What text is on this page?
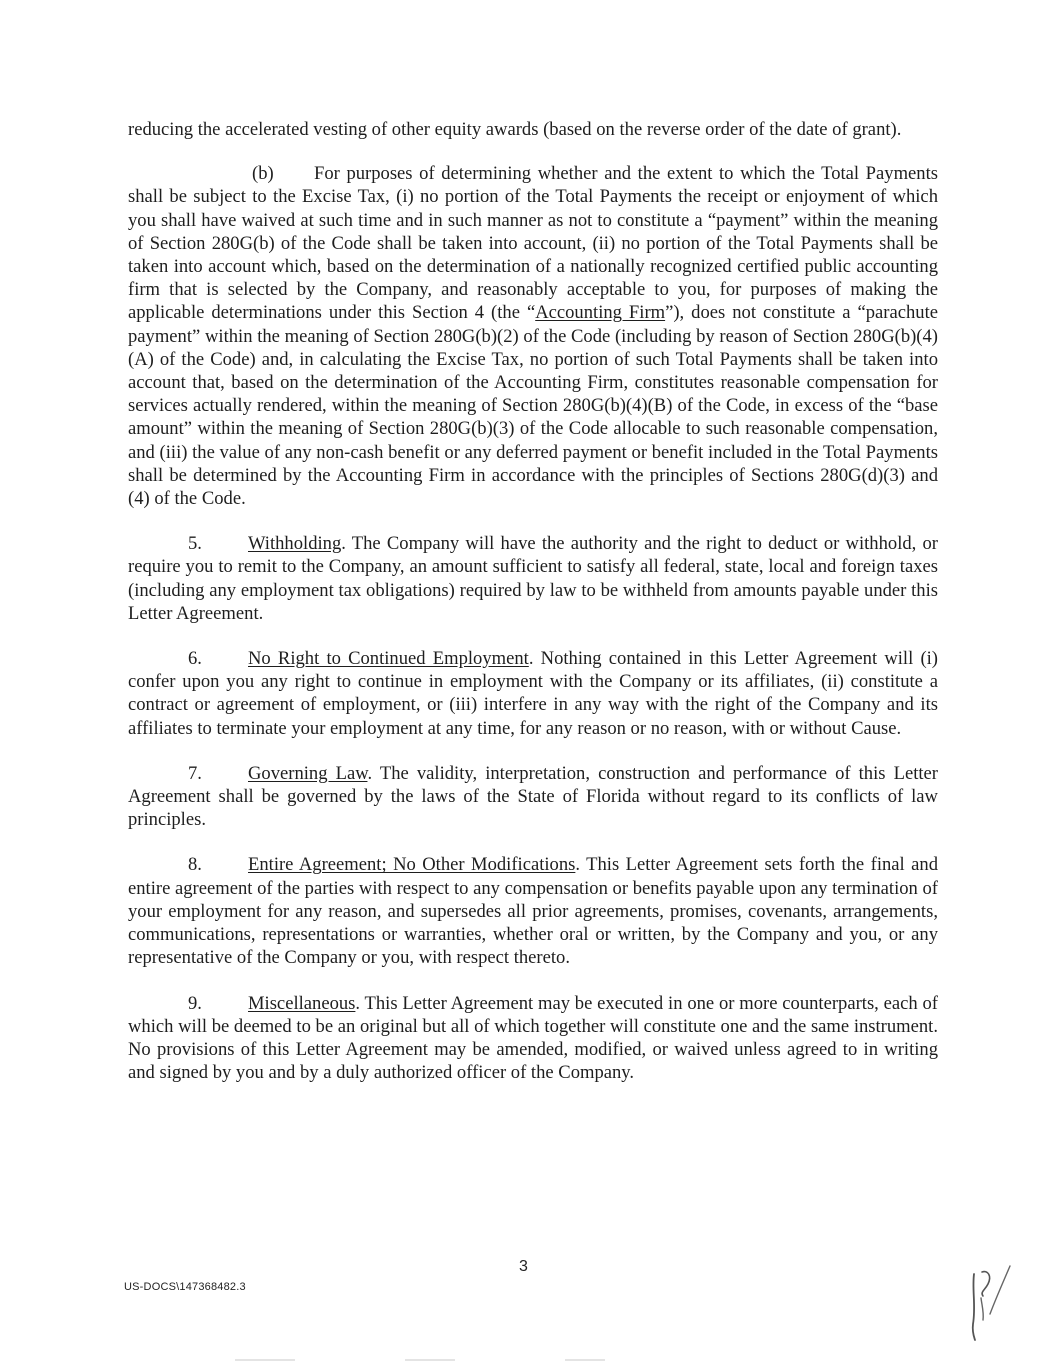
reducing the accelerated vesting of other equity awards (based on the reverse order of the date of grant).

(b) For purposes of determining whether and the extent to which the Total Payments shall be subject to the Excise Tax, (i) no portion of the Total Payments the receipt or enjoyment of which you shall have waived at such time and in such manner as not to constitute a “payment” within the meaning of Section 280G(b) of the Code shall be taken into account, (ii) no portion of the Total Payments shall be taken into account which, based on the determination of a nationally recognized certified public accounting firm that is selected by the Company, and reasonably acceptable to you, for purposes of making the applicable determinations under this Section 4 (the “Accounting Firm”), does not constitute a “parachute payment” within the meaning of Section 280G(b)(2) of the Code (including by reason of Section 280G(b)(4)(A) of the Code) and, in calculating the Excise Tax, no portion of such Total Payments shall be taken into account that, based on the determination of the Accounting Firm, constitutes reasonable compensation for services actually rendered, within the meaning of Section 280G(b)(4)(B) of the Code, in excess of the “base amount” within the meaning of Section 280G(b)(3) of the Code allocable to such reasonable compensation, and (iii) the value of any non-cash benefit or any deferred payment or benefit included in the Total Payments shall be determined by the Accounting Firm in accordance with the principles of Sections 280G(d)(3) and (4) of the Code.

5. Withholding. The Company will have the authority and the right to deduct or withhold, or require you to remit to the Company, an amount sufficient to satisfy all federal, state, local and foreign taxes (including any employment tax obligations) required by law to be withheld from amounts payable under this Letter Agreement.

6. No Right to Continued Employment. Nothing contained in this Letter Agreement will (i) confer upon you any right to continue in employment with the Company or its affiliates, (ii) constitute a contract or agreement of employment, or (iii) interfere in any way with the right of the Company and its affiliates to terminate your employment at any time, for any reason or no reason, with or without Cause.

7. Governing Law. The validity, interpretation, construction and performance of this Letter Agreement shall be governed by the laws of the State of Florida without regard to its conflicts of law principles.

8. Entire Agreement; No Other Modifications. This Letter Agreement sets forth the final and entire agreement of the parties with respect to any compensation or benefits payable upon any termination of your employment for any reason, and supersedes all prior agreements, promises, covenants, arrangements, communications, representations or warranties, whether oral or written, by the Company and you, or any representative of the Company or you, with respect thereto.

9. Miscellaneous. This Letter Agreement may be executed in one or more counterparts, each of which will be deemed to be an original but all of which together will constitute one and the same instrument. No provisions of this Letter Agreement may be amended, modified, or waived unless agreed to in writing and signed by you and by a duly authorized officer of the Company.

3
US-DOCS\147368482.3
